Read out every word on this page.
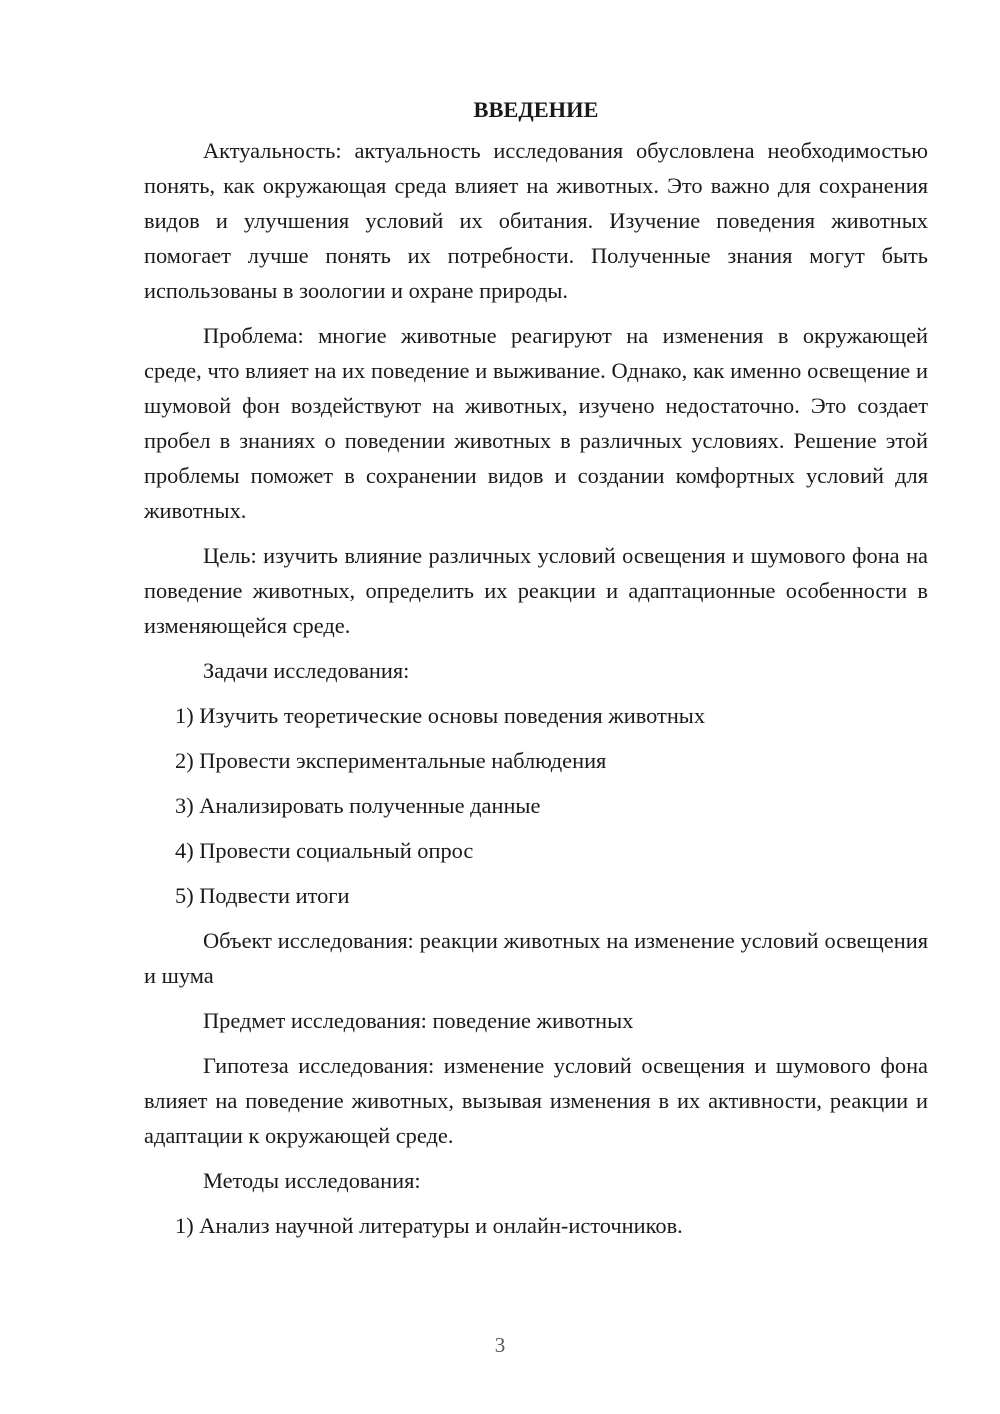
ВВЕДЕНИЕ

Актуальность: актуальность исследования обусловлена необходимостью понять, как окружающая среда влияет на животных. Это важно для сохранения видов и улучшения условий их обитания. Изучение поведения животных помогает лучше понять их потребности. Полученные знания могут быть использованы в зоологии и охране природы.

Проблема: многие животные реагируют на изменения в окружающей среде, что влияет на их поведение и выживание. Однако, как именно освещение и шумовой фон воздействуют на животных, изучено недостаточно. Это создает пробел в знаниях о поведении животных в различных условиях. Решение этой проблемы поможет в сохранении видов и создании комфортных условий для животных.

Цель: изучить влияние различных условий освещения и шумового фона на поведение животных, определить их реакции и адаптационные особенности в изменяющейся среде.

Задачи исследования:

1) Изучить теоретические основы поведения животных
2) Провести экспериментальные наблюдения
3) Анализировать полученные данные
4) Провести социальный опрос
5) Подвести итоги

Объект исследования: реакции животных на изменение условий освещения и шума

Предмет исследования: поведение животных

Гипотеза исследования: изменение условий освещения и шумового фона влияет на поведение животных, вызывая изменения в их активности, реакции и адаптации к окружающей среде.

Методы исследования:

1) Анализ научной литературы и онлайн-источников.
3
